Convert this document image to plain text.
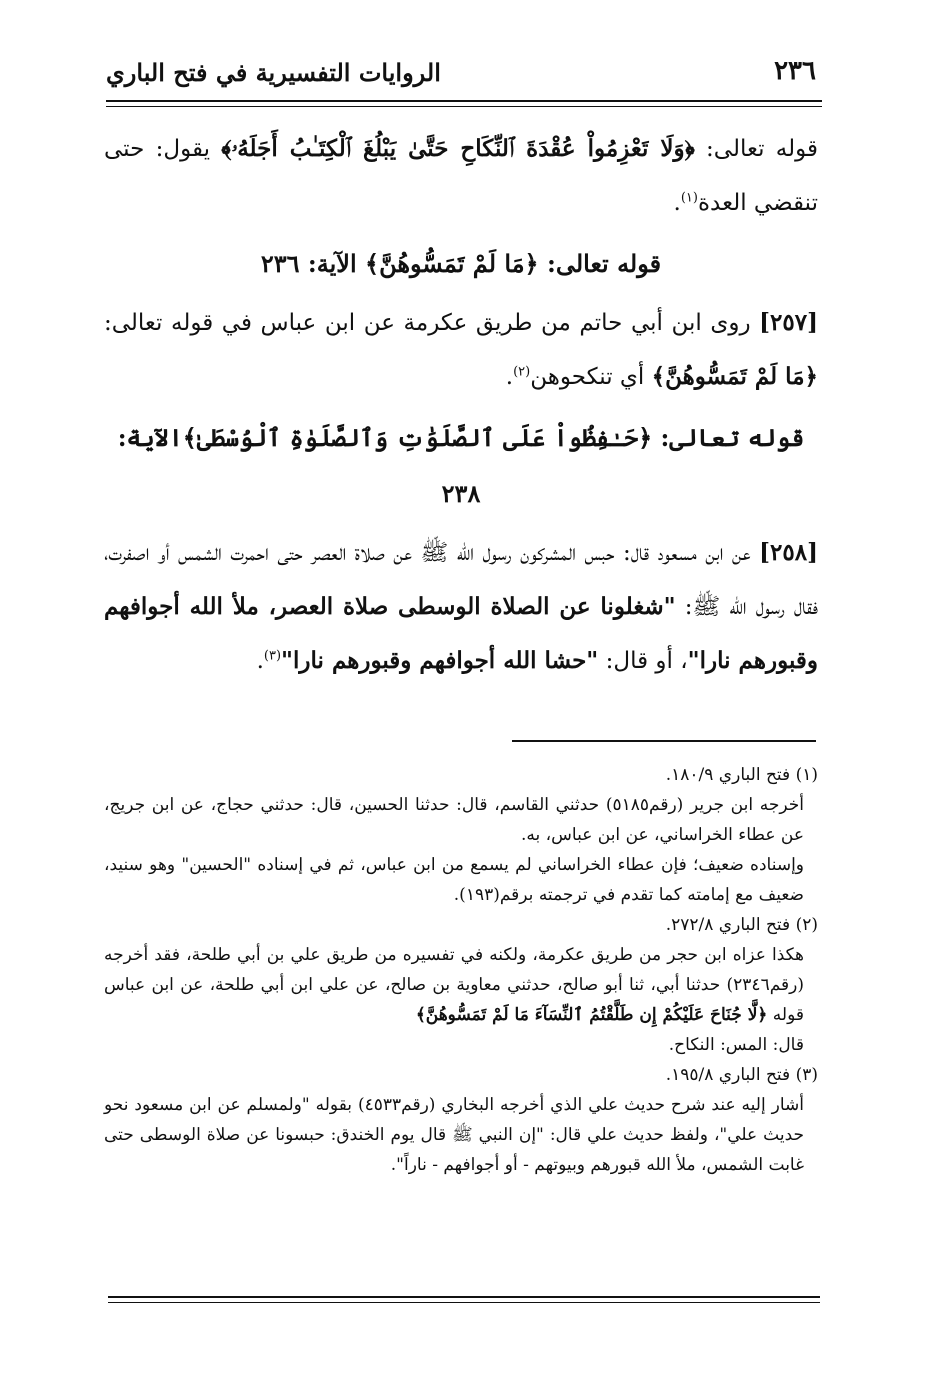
٢٣٦
الروايات التفسيرية في فتح الباري

قوله تعالى: ﴿وَلَا تَعْزِمُواْ عُقْدَةَ ٱلنِّكَاحِ حَتَّىٰ يَبْلُغَ ٱلْكِتَـٰبُ أَجَلَهُۥ﴾ يقول: حتى تنقضي العدة$^{(١)}$.

قوله تعالى: ﴿مَا لَمْ تَمَسُّوهُنَّ﴾ الآية: ٢٣٦

[٢٥٧] روى ابن أبي حاتم من طريق عكرمة عن ابن عباس في قوله تعالى: ﴿مَا لَمْ تَمَسُّوهُنَّ﴾ أي تنكحوهن$^{(٢)}$.

قوله تعالى: ﴿حَـٰفِظُواْ عَلَى ٱلصَّلَوَٰتِ وَٱلصَّلَوٰةِ ٱلْوُسْطَىٰ﴾الآية: ٢٣٨

[٢٥٨] عن ابن مسعود قال: حبس المشركون رسول الله ﷺ عن صلاة العصر حتى احمرت الشمس أو اصفرت، فقال رسول الله ﷺ: "شغلونا عن الصلاة الوسطى صلاة العصر، ملأ الله أجوافهم وقبورهم نارا"، أو قال: "حشا الله أجوافهم وقبورهم نارا"$^{(٣)}$.

(١) فتح الباري ١٨٠/٩.

أخرجه ابن جرير (رقم٥١٨٥) حدثني القاسم، قال: حدثنا الحسين، قال: حدثني حجاج، عن ابن جريج، عن عطاء الخراساني، عن ابن عباس، به.

وإسناده ضعيف؛ فإن عطاء الخراساني لم يسمع من ابن عباس، ثم في إسناده "الحسين" وهو سنيد، ضعيف مع إمامته كما تقدم في ترجمته برقم(١٩٣).

(٢) فتح الباري ٢٧٢/٨.

هكذا عزاه ابن حجر من طريق عكرمة، ولكنه في تفسيره من طريق علي بن أبي طلحة، فقد أخرجه (رقم٢٣٤٦) حدثنا أبي، ثنا أبو صالح، حدثني معاوية بن صالح، عن علي ابن أبي طلحة، عن ابن عباس قوله ﴿لَّا جُنَاحَ عَلَيْكُمْ إِن طَلَّقْتُمُ ٱلنِّسَآءَ مَا لَمْ تَمَسُّوهُنَّ﴾

قال: المس: النكاح.

(٣) فتح الباري ١٩٥/٨.

أشار إليه عند شرح حديث علي الذي أخرجه البخاري (رقم٤٥٣٣) بقوله "ولمسلم عن ابن مسعود نحو حديث علي"، ولفظ حديث علي قال: "إن النبي ﷺ قال يوم الخندق: حبسونا عن صلاة الوسطى حتى غابت الشمس، ملأ الله قبورهم وبيوتهم - أو أجوافهم - ناراً".
